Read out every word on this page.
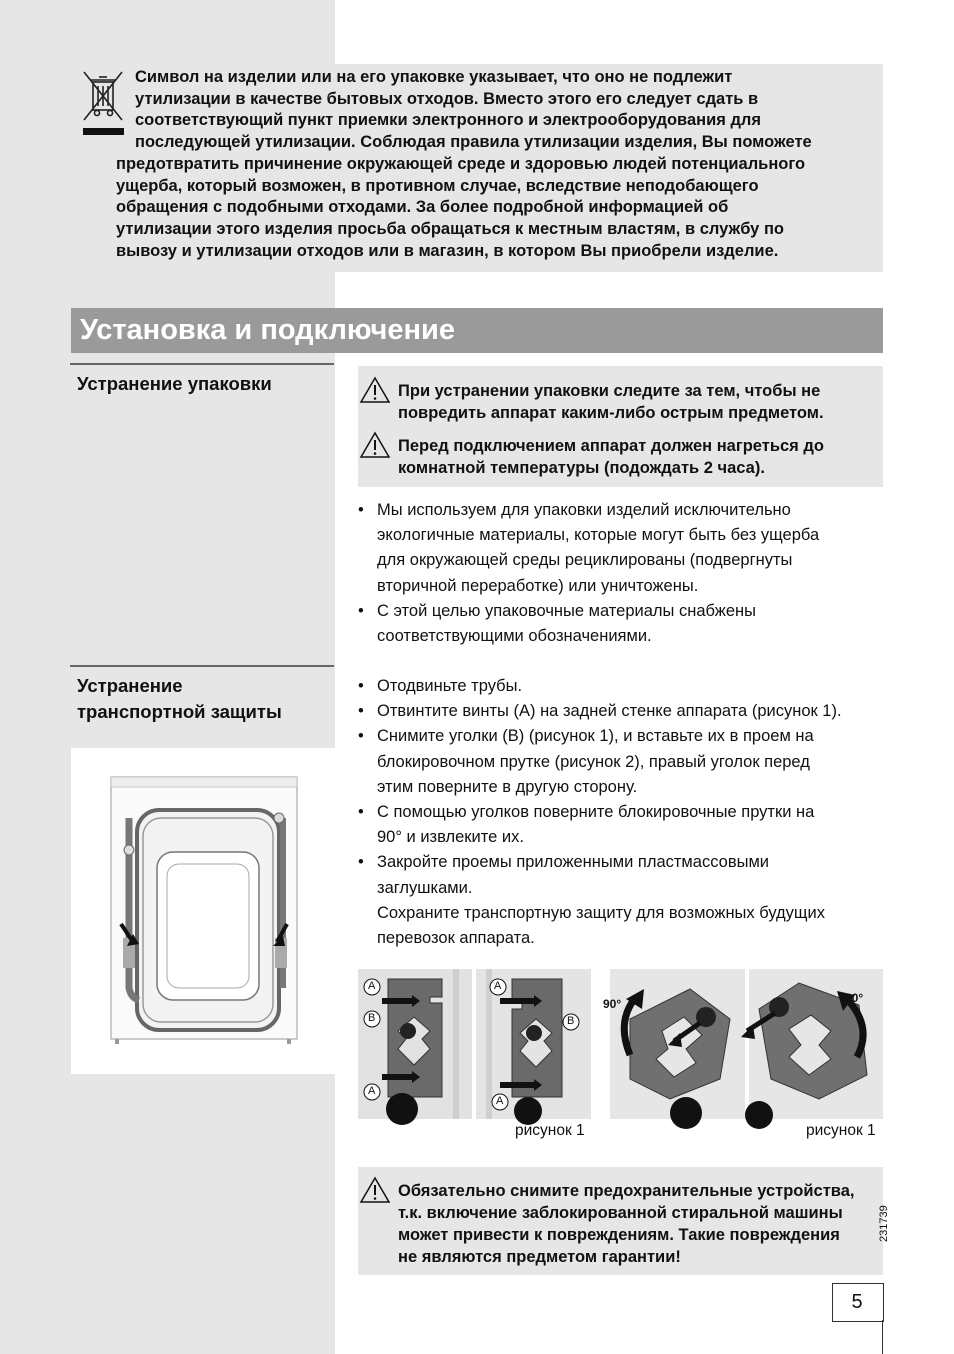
Символ на изделии или на его упаковке указывает, что оно не подлежит
утилизации в качестве бытовых отходов. Вместо этого его следует сдать в
соответствующий пункт приемки электронного и электрооборудования для
последующей утилизации. Соблюдая правила утилизации изделия, Вы поможете
предотвратить причинение окружающей среде и здоровью людей потенциального
ущерба, который возможен, в противном случае, вследствие неподобающего
обращения с подобными отходами. За более подробной информацией об
утилизации этого изделия просьба обращаться к местным властям, в службу по
вывозу и утилизации отходов или в магазин, в котором Вы приобрели изделие.
Установка и подключение
Устранение упаковки	При устранении упаковки следите за тем, чтобы не
повредить аппарат каким-либо острым предметом.
Перед подключением аппарат должен нагреться до
комнатной температуры (подождать 2 часа).
• Мы используем для упаковки изделий исключительно
экологичные материалы, которые могут быть без ущерба
для окружающей среды рециклированы (подвергнуты
вторичной переработке) или уничтожены.
• С этой целью упаковочные материалы снабжены
соответствующими обозначениями.
Устранение
транспортной защиты
• Отодвиньте трубы.
• Отвинтите винты (A) на задней стенке аппарата (рисунок 1).
• Снимите уголки (B) (рисунок 1), и вставьте их в проем на
блокировочном прутке (рисунок 2), правый уголок перед
этим поверните в другую сторону.
• С помощью уголков поверните блокировочные прутки на
90° и извлеките их.
• Закройте проемы приложенными пластмассовыми
заглушками.
Сохраните транспортную защиту для возможных будущих
перевозок аппарата.
A
B
A
A
B
A
рисунок 1
90°	90°
рисунок 1
Обязательно снимите предохранительные устройства,
т.к. включение заблокированной стиральной машины
может привести к повреждениям. Такие повреждения
не являются предметом гарантии!
231739
5
